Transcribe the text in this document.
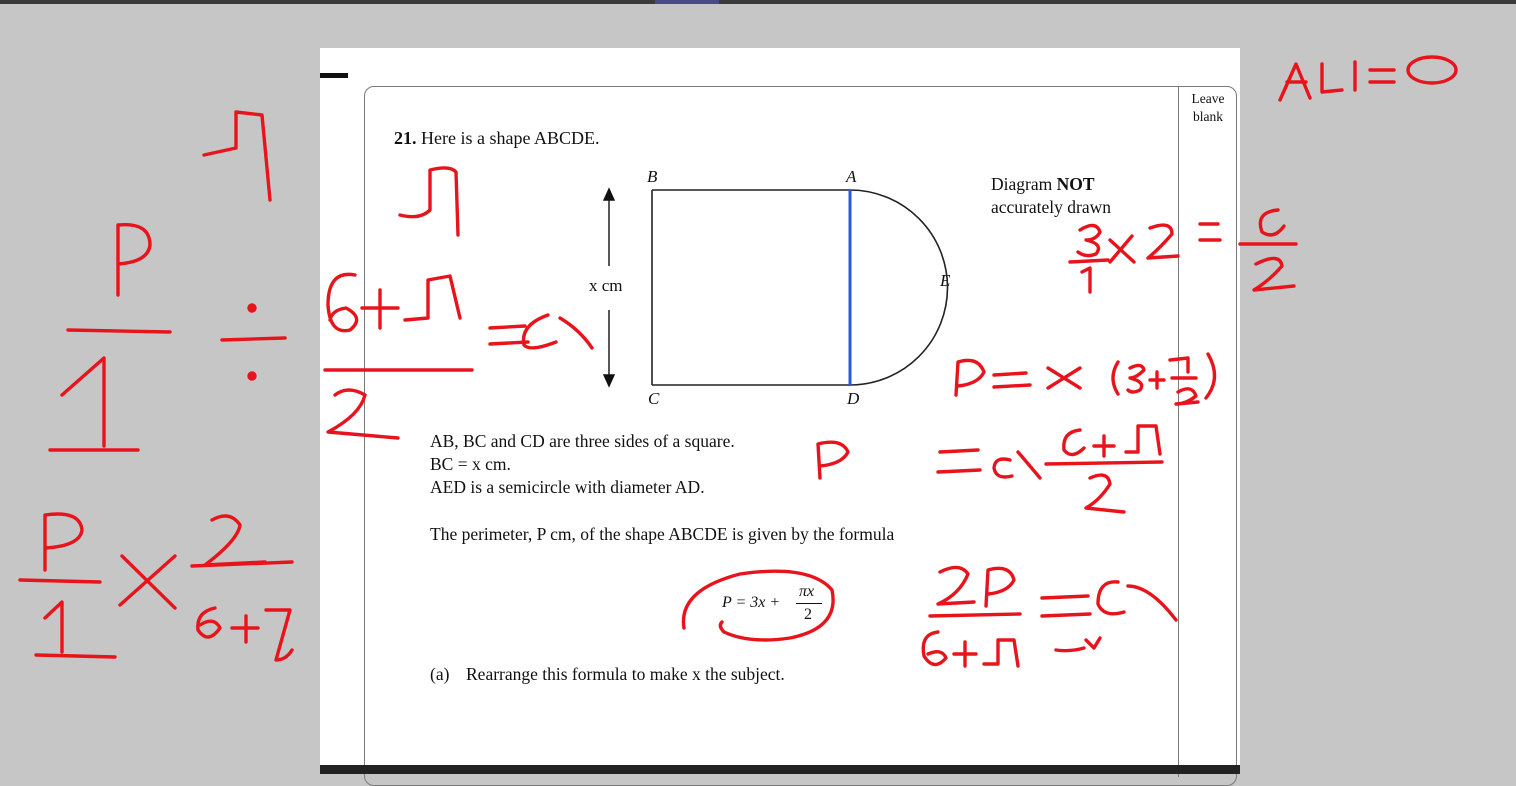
Leave
blank
21. Here is a shape ABCDE.
Diagram NOT
accurately drawn
B	A
E
C	D
x cm
AB, BC and CD are three sides of a square.
BC = x cm.
AED is a semicircle with diameter AD.
The perimeter, P cm, of the shape ABCDE is given by the formula
P = 3x +
πx
2
(a) Rearrange this formula to make x the subject.
